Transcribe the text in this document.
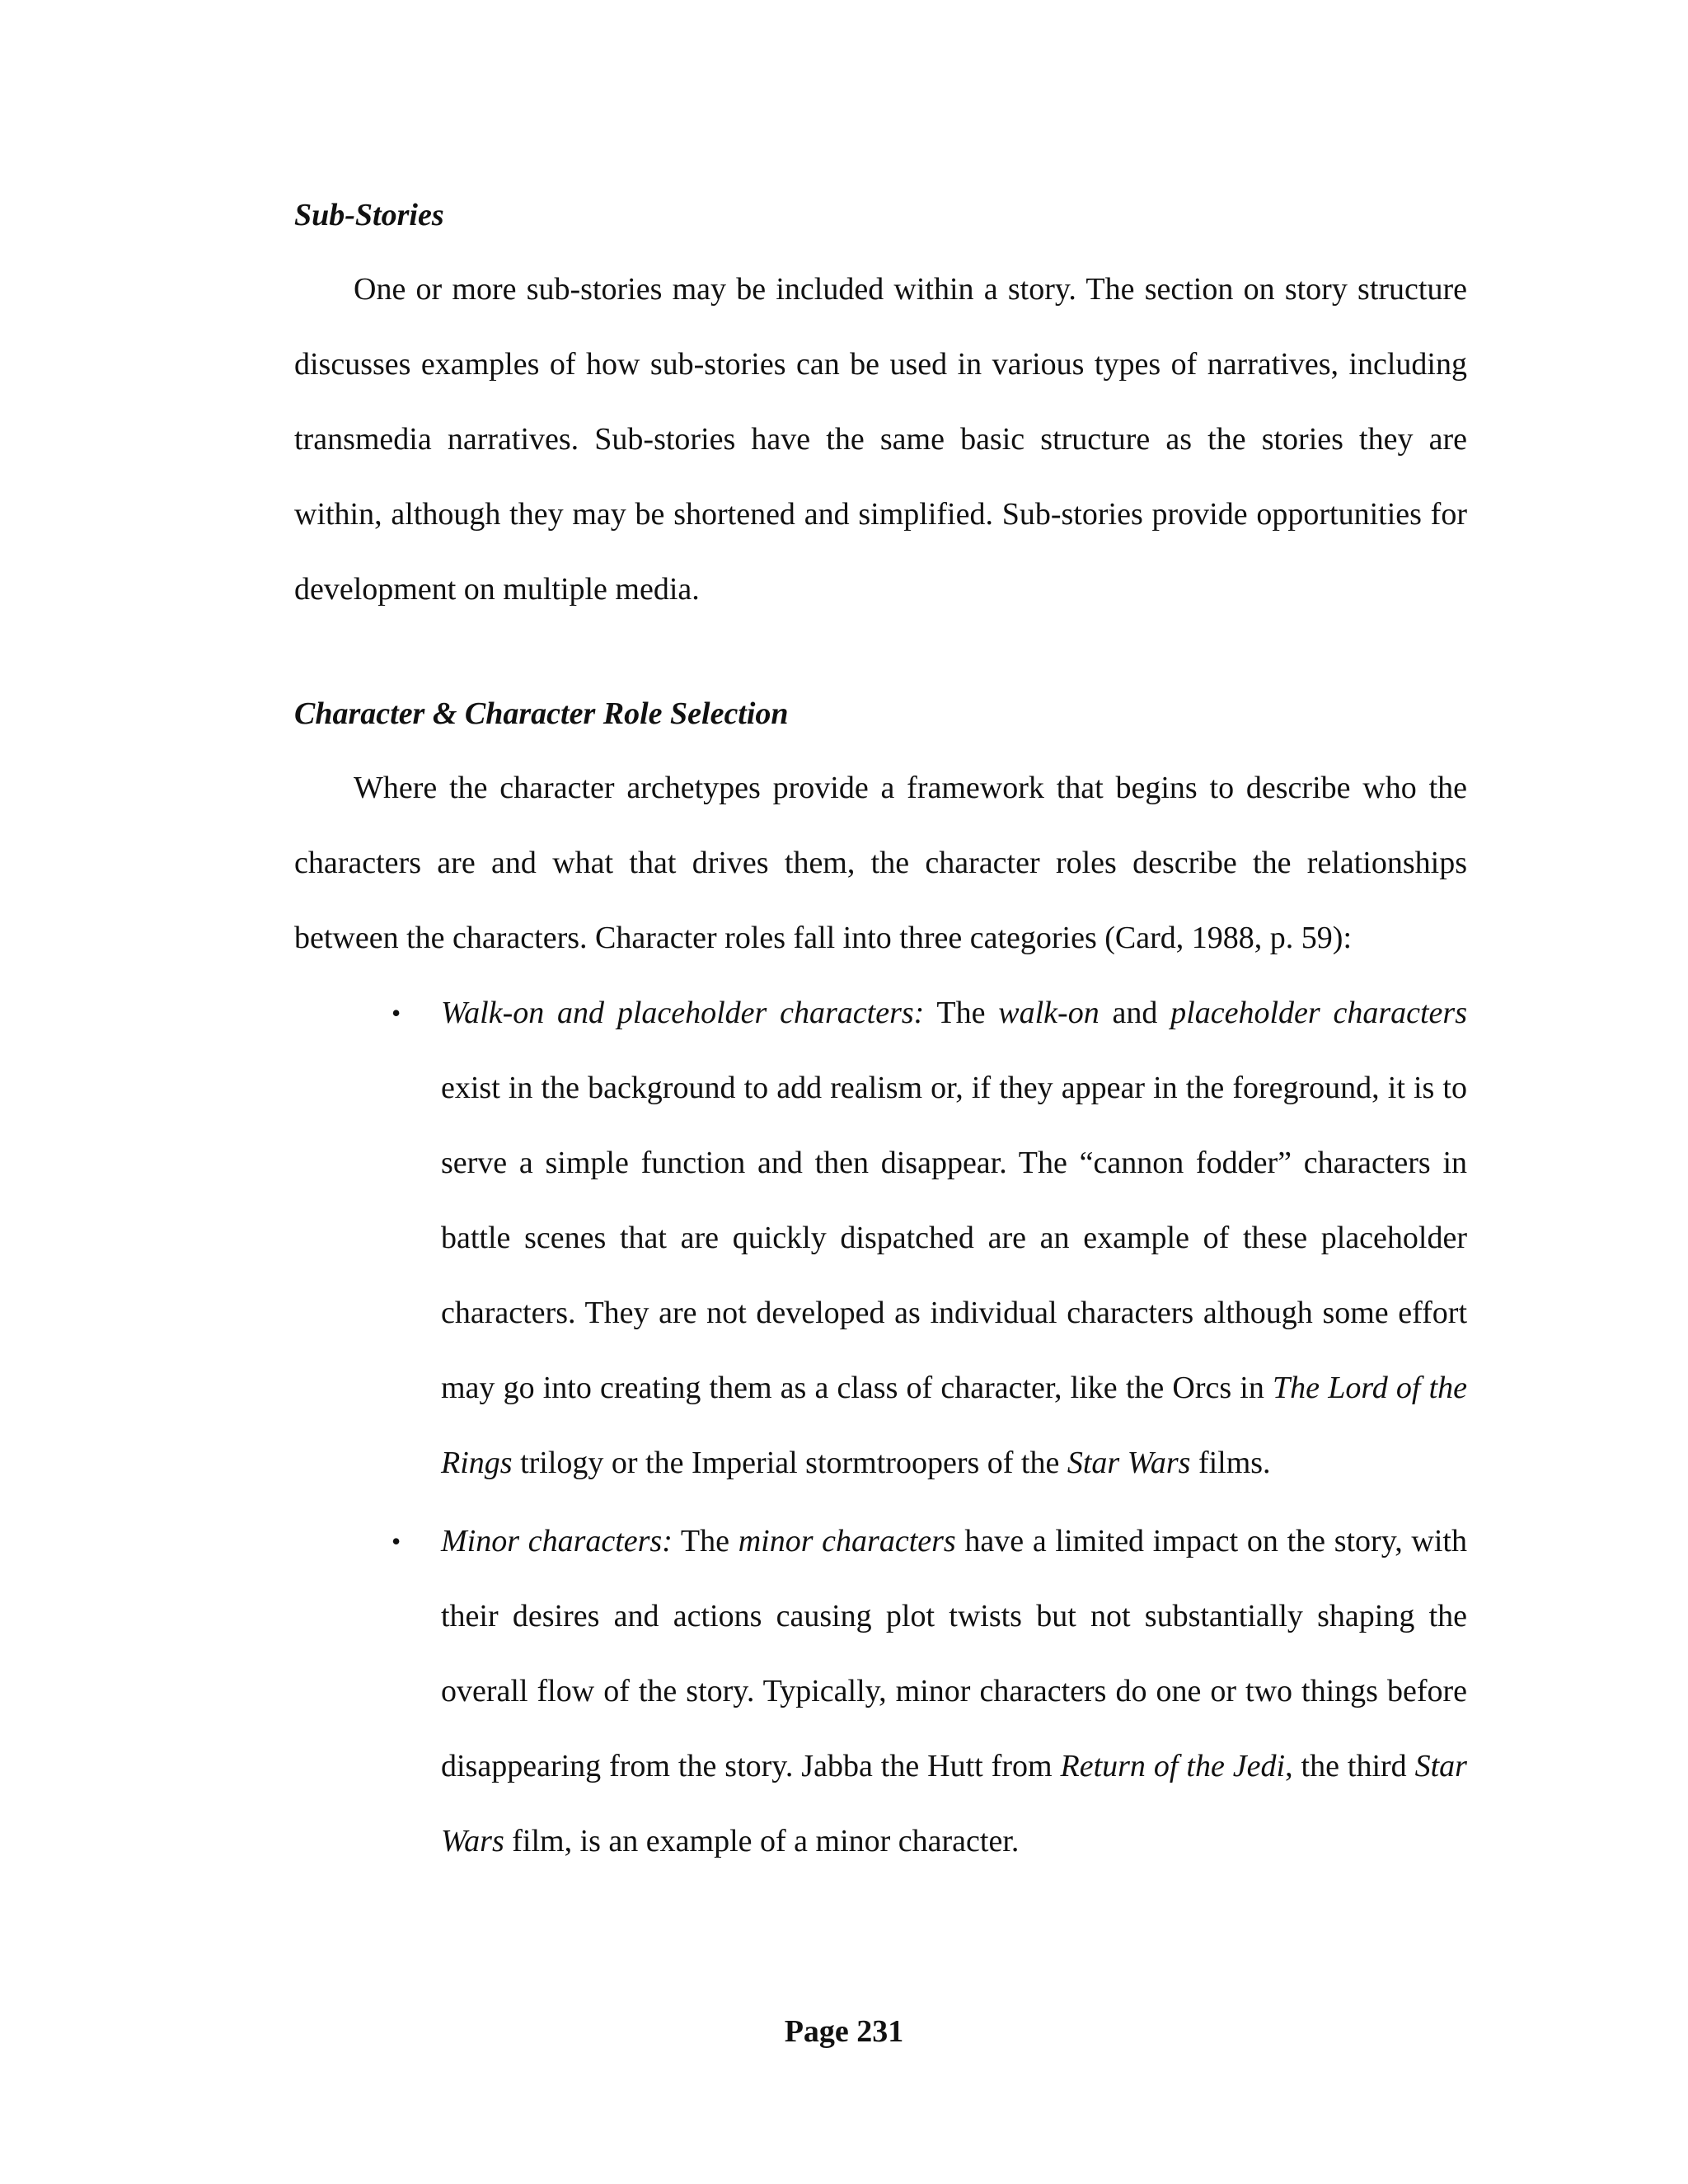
Sub-Stories

One or more sub-stories may be included within a story. The section on story structure discusses examples of how sub-stories can be used in various types of narratives, including transmedia narratives. Sub-stories have the same basic structure as the stories they are within, although they may be shortened and simplified. Sub-stories provide opportunities for development on multiple media.

Character & Character Role Selection

Where the character archetypes provide a framework that begins to describe who the characters are and what that drives them, the character roles describe the relationships between the characters. Character roles fall into three categories (Card, 1988, p. 59):

• Walk-on and placeholder characters: The walk-on and placeholder characters exist in the background to add realism or, if they appear in the foreground, it is to serve a simple function and then disappear. The “cannon fodder” characters in battle scenes that are quickly dispatched are an example of these placeholder characters. They are not developed as individual characters although some effort may go into creating them as a class of character, like the Orcs in The Lord of the Rings trilogy or the Imperial stormtroopers of the Star Wars films.
• Minor characters: The minor characters have a limited impact on the story, with their desires and actions causing plot twists but not substantially shaping the overall flow of the story. Typically, minor characters do one or two things before disappearing from the story. Jabba the Hutt from Return of the Jedi, the third Star Wars film, is an example of a minor character.

Page 231
